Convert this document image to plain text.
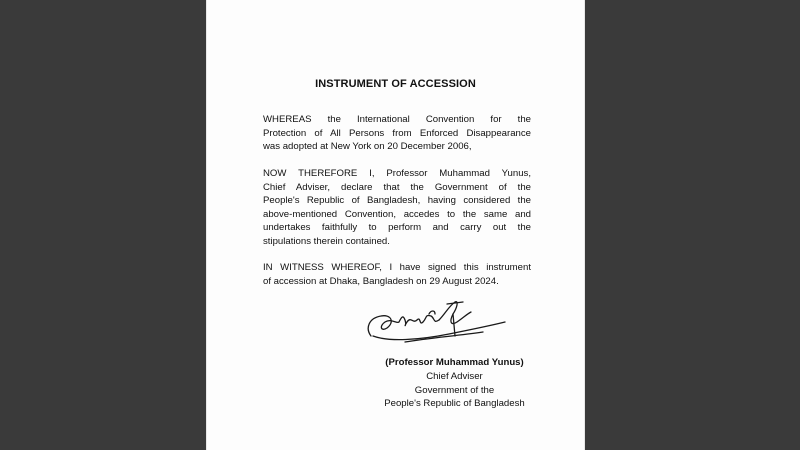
INSTRUMENT OF ACCESSION
WHEREAS the International Convention for the
Protection of All Persons from Enforced Disappearance
was adopted at New York on 20 December 2006,
NOW THEREFORE I, Professor Muhammad Yunus,
Chief Adviser, declare that the Government of the
People's Republic of Bangladesh, having considered the
above-mentioned Convention, accedes to the same and
undertakes faithfully to perform and carry out the
stipulations therein contained.
IN WITNESS WHEREOF, I have signed this instrument
of accession at Dhaka, Bangladesh on 29 August 2024.
(Professor Muhammad Yunus)
Chief Adviser
Government of the
People's Republic of Bangladesh
